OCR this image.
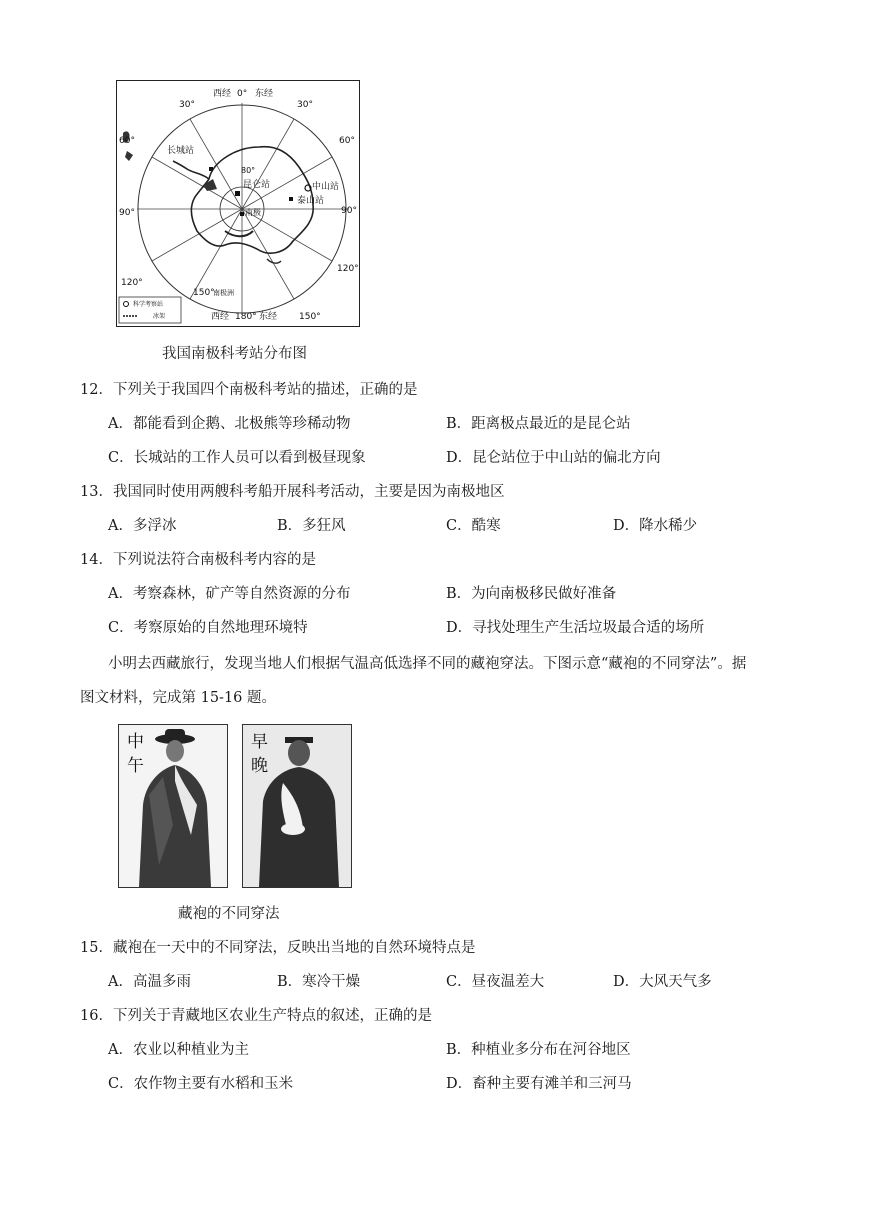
西经 0° 东经
30°	30°
60°	60°
90°	90°
120°
120°
150°
150°
80°
西经 180° 东经
长城站
昆仑站	中山站
泰山站
南极
南极洲
科学考察站
冰架
我国南极科考站分布图
12．下列关于我国四个南极科考站的描述，正确的是
A．都能看到企鹅、北极熊等珍稀动物	B．距离极点最近的是昆仑站
C．长城站的工作人员可以看到极昼现象	D．昆仑站位于中山站的偏北方向
13．我国同时使用两艘科考船开展科考活动，主要是因为南极地区
A．多浮冰	B．多狂风	C．酷寒	D．降水稀少
14．下列说法符合南极科考内容的是
A．考察森林，矿产等自然资源的分布	B．为向南极移民做好准备
C．考察原始的自然地理环境特	D．寻找处理生产生活垃圾最合适的场所
小明去西藏旅行，发现当地人们根据气温高低选择不同的藏袍穿法。下图示意“藏袍的不同穿法”。据
图文材料，完成第 15-16 题。
中
午
早
晚
藏袍的不同穿法
15．藏袍在一天中的不同穿法，反映出当地的自然环境特点是
A．高温多雨	B．寒冷干燥	C．昼夜温差大	D．大风天气多
16．下列关于青藏地区农业生产特点的叙述，正确的是
A．农业以种植业为主	B．种植业多分布在河谷地区
C．农作物主要有水稻和玉米	D．畜种主要有滩羊和三河马
